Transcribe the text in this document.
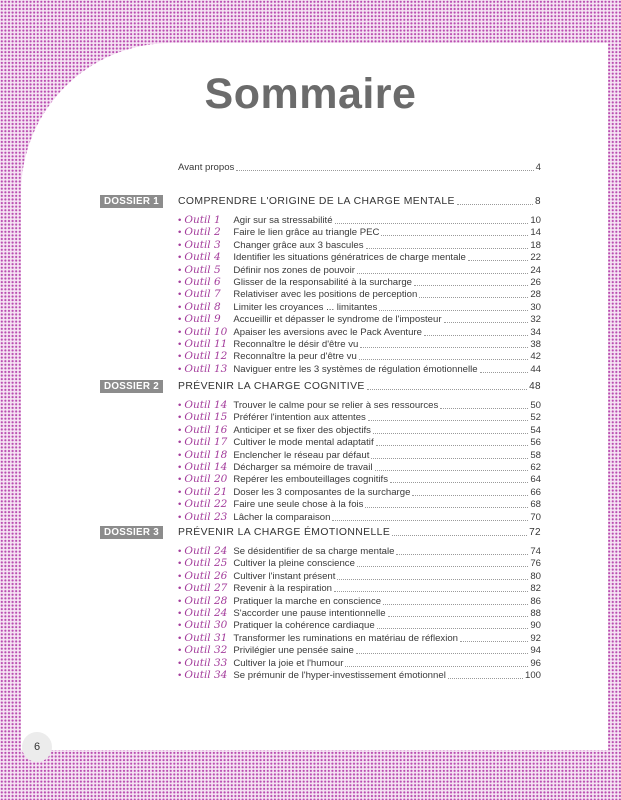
Sommaire
Avant propos	4
DOSSIER 1	COMPRENDRE L'ORIGINE DE LA CHARGE MENTALE	8
• Outil 1	Agir sur sa stressabilité	10
• Outil 2	Faire le lien grâce au triangle PEC	14
• Outil 3	Changer grâce aux 3 bascules	18
• Outil 4	Identifier les situations génératrices de charge mentale	22
• Outil 5	Définir nos zones de pouvoir	24
• Outil 6	Glisser de la responsabilité à la surcharge	26
• Outil 7	Relativiser avec les positions de perception	28
• Outil 8	Limiter les croyances ... limitantes	30
• Outil 9	Accueillir et dépasser le syndrome de l'imposteur	32
• Outil 10 Apaiser les aversions avec le Pack Aventure	34
• Outil 11 Reconnaître le désir d'être vu	38
• Outil 12 Reconnaître la peur d'être vu	42
• Outil 13 Naviguer entre les 3 systèmes de régulation émotionnelle	44
DOSSIER 2	PRÉVENIR LA CHARGE COGNITIVE	48
• Outil 14 Trouver le calme pour se relier à ses ressources	50
• Outil 15 Préférer l'intention aux attentes	52
• Outil 16 Anticiper et se fixer des objectifs	54
• Outil 17 Cultiver le mode mental adaptatif	56
• Outil 18 Enclencher le réseau par défaut	58
• Outil 14 Décharger sa mémoire de travail	62
• Outil 20 Repérer les embouteillages cognitifs	64
• Outil 21 Doser les 3 composantes de la surcharge	66
• Outil 22 Faire une seule chose à la fois	68
• Outil 23 Lâcher la comparaison	70
DOSSIER 3	PRÉVENIR LA CHARGE ÉMOTIONNELLE	72
• Outil 24 Se désidentifier de sa charge mentale	74
• Outil 25 Cultiver la pleine conscience	76
• Outil 26 Cultiver l'instant présent	80
• Outil 27 Revenir à la respiration	82
• Outil 28 Pratiquer la marche en conscience	86
• Outil 24 S'accorder une pause intentionnelle	88
• Outil 30 Pratiquer la cohérence cardiaque	90
• Outil 31 Transformer les ruminations en matériau de réflexion	92
• Outil 32 Privilégier une pensée saine	94
• Outil 33 Cultiver la joie et l'humour	96
• Outil 34 Se prémunir de l'hyper-investissement émotionnel	100
6
